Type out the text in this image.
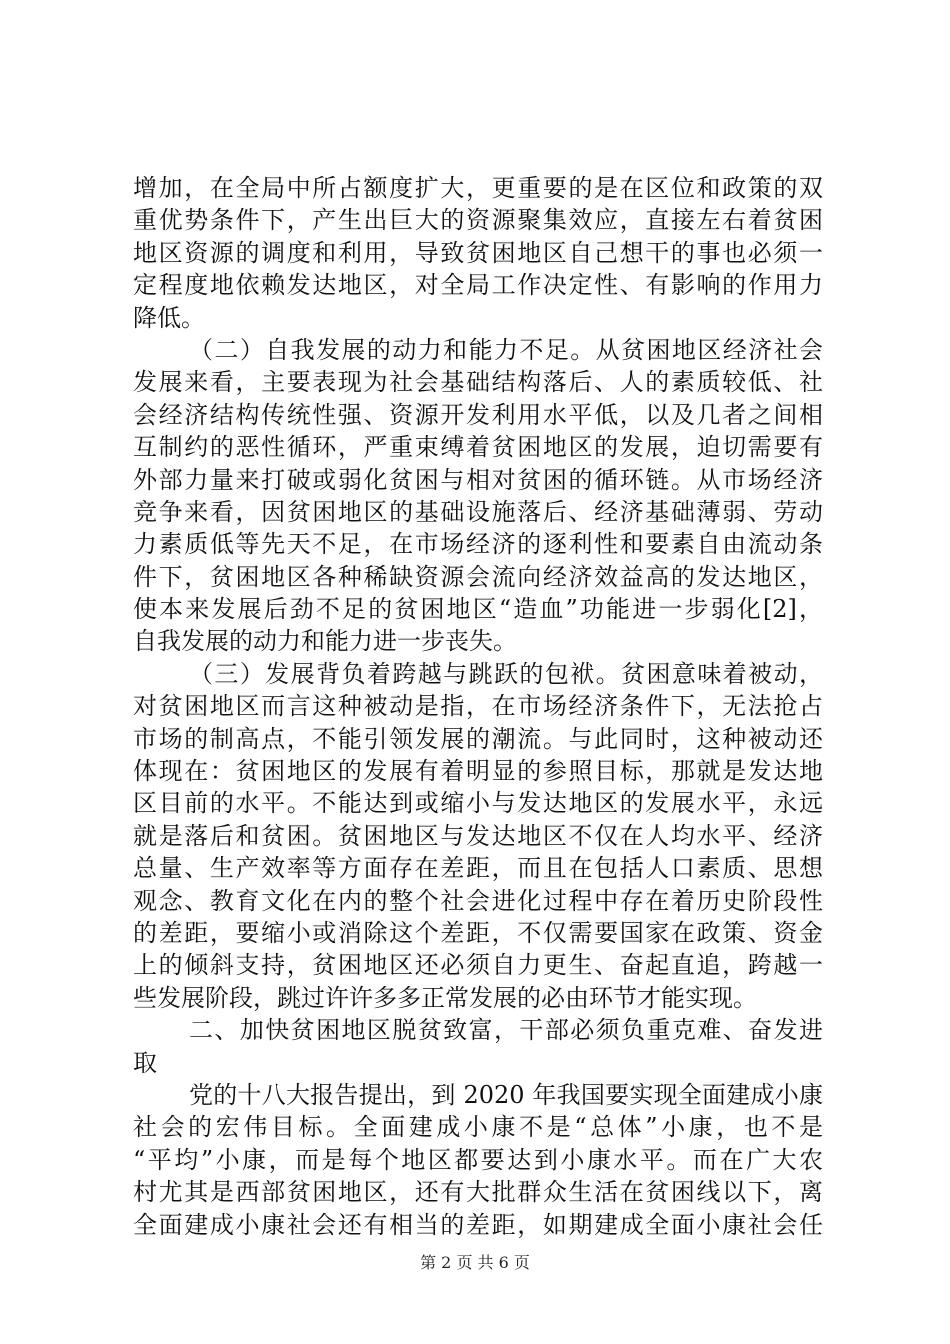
增加，在全局中所占额度扩大，更重要的是在区位和政策的双
重优势条件下，产生出巨大的资源聚集效应，直接左右着贫困
地区资源的调度和利用，导致贫困地区自己想干的事也必须一
定程度地依赖发达地区，对全局工作决定性、有影响的作用力
降低。
（二）自我发展的动力和能力不足。从贫困地区经济社会
发展来看，主要表现为社会基础结构落后、人的素质较低、社
会经济结构传统性强、资源开发利用水平低，以及几者之间相
互制约的恶性循环，严重束缚着贫困地区的发展，迫切需要有
外部力量来打破或弱化贫困与相对贫困的循环链。从市场经济
竞争来看，因贫困地区的基础设施落后、经济基础薄弱、劳动
力素质低等先天不足，在市场经济的逐利性和要素自由流动条
件下，贫困地区各种稀缺资源会流向经济效益高的发达地区，
使本来发展后劲不足的贫困地区“造血”功能进一步弱化[2]，
自我发展的动力和能力进一步丧失。
（三）发展背负着跨越与跳跃的包袱。贫困意味着被动，
对贫困地区而言这种被动是指，在市场经济条件下，无法抢占
市场的制高点，不能引领发展的潮流。与此同时，这种被动还
体现在：贫困地区的发展有着明显的参照目标，那就是发达地
区目前的水平。不能达到或缩小与发达地区的发展水平，永远
就是落后和贫困。贫困地区与发达地区不仅在人均水平、经济
总量、生产效率等方面存在差距，而且在包括人口素质、思想
观念、教育文化在内的整个社会进化过程中存在着历史阶段性
的差距，要缩小或消除这个差距，不仅需要国家在政策、资金
上的倾斜支持，贫困地区还必须自力更生、奋起直追，跨越一
些发展阶段，跳过许许多多正常发展的必由环节才能实现。
二、加快贫困地区脱贫致富，干部必须负重克难、奋发进
取
党的十八大报告提出，到 2020 年我国要实现全面建成小康
社会的宏伟目标。全面建成小康不是“总体”小康，也不是
“平均”小康，而是每个地区都要达到小康水平。而在广大农
村尤其是西部贫困地区，还有大批群众生活在贫困线以下，离
全面建成小康社会还有相当的差距，如期建成全面小康社会任
第 2 页 共 6 页
